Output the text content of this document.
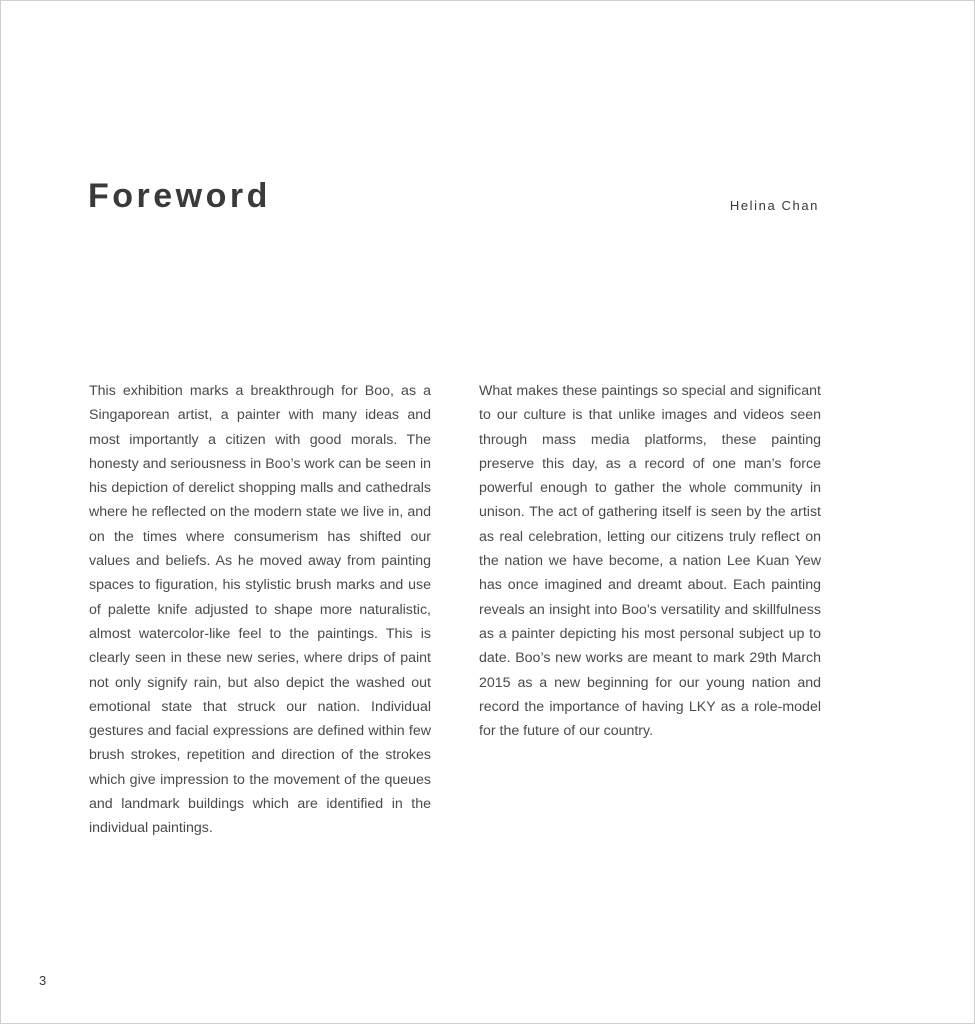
Foreword	Helina Chan

This exhibition marks a breakthrough for Boo, as a Singaporean artist, a painter with many ideas and most importantly a citizen with good morals. The honesty and seriousness in Boo’s work can be seen in his depiction of derelict shopping malls and cathedrals where he reflected on the modern state we live in, and on the times where consumerism has shifted our values and beliefs. As he moved away from painting spaces to figuration, his stylistic brush marks and use of palette knife adjusted to shape more naturalistic, almost watercolor-like feel to the paintings. This is clearly seen in these new series, where drips of paint not only signify rain, but also depict the washed out emotional state that struck our nation. Individual gestures and facial expressions are defined within few brush strokes, repetition and direction of the strokes which give impression to the movement of the queues and landmark buildings which are identified in the individual paintings.

What makes these paintings so special and significant to our culture is that unlike images and videos seen through mass media platforms, these painting preserve this day, as a record of one man’s force powerful enough to gather the whole community in unison. The act of gathering itself is seen by the artist as real celebration, letting our citizens truly reflect on the nation we have become, a nation Lee Kuan Yew has once imagined and dreamt about. Each painting reveals an insight into Boo’s versatility and skillfulness as a painter depicting his most personal subject up to date. Boo’s new works are meant to mark 29th March 2015 as a new beginning for our young nation and record the importance of having LKY as a role-model for the future of our country.

3
